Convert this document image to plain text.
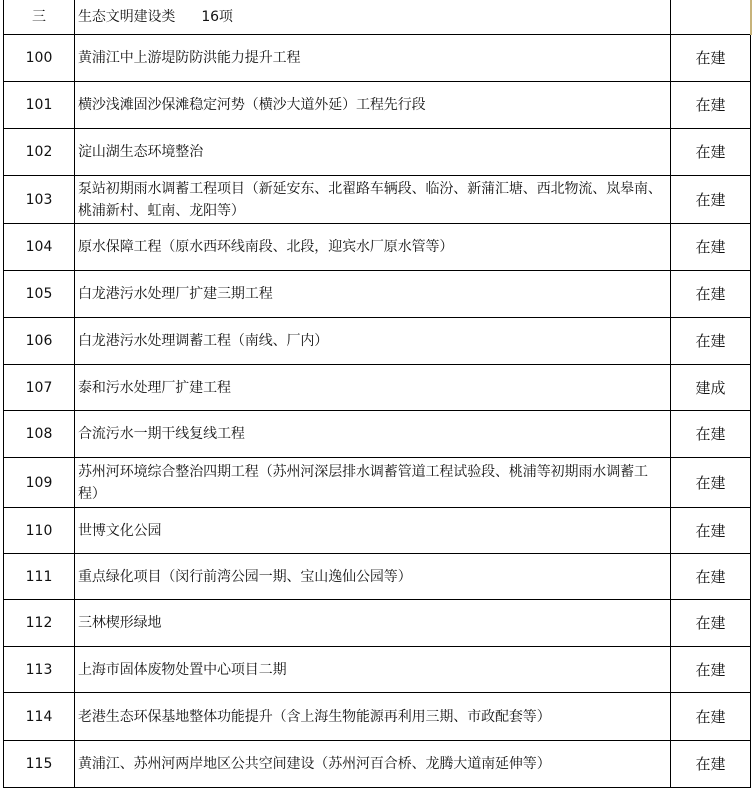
三	生态文明建设类 16项	
100	黄浦江中上游堤防防洪能力提升工程	在建
101	横沙浅滩固沙保滩稳定河势（横沙大道外延）工程先行段	在建
102	淀山湖生态环境整治	在建
103	泵站初期雨水调蓄工程项目（新延安东、北翟路车辆段、临汾、新蒲汇塘、西北物流、岚皋南、桃浦新村、虹南、龙阳等）	在建
104	原水保障工程（原水西环线南段、北段，迎宾水厂原水管等）	在建
105	白龙港污水处理厂扩建三期工程	在建
106	白龙港污水处理调蓄工程（南线、厂内）	在建
107	泰和污水处理厂扩建工程	建成
108	合流污水一期干线复线工程	在建
109	苏州河环境综合整治四期工程（苏州河深层排水调蓄管道工程试验段、桃浦等初期雨水调蓄工程）	在建
110	世博文化公园	在建
111	重点绿化项目（闵行前湾公园一期、宝山逸仙公园等）	在建
112	三林楔形绿地	在建
113	上海市固体废物处置中心项目二期	在建
114	老港生态环保基地整体功能提升（含上海生物能源再利用三期、市政配套等）	在建
115	黄浦江、苏州河两岸地区公共空间建设（苏州河百合桥、龙腾大道南延伸等）	在建
